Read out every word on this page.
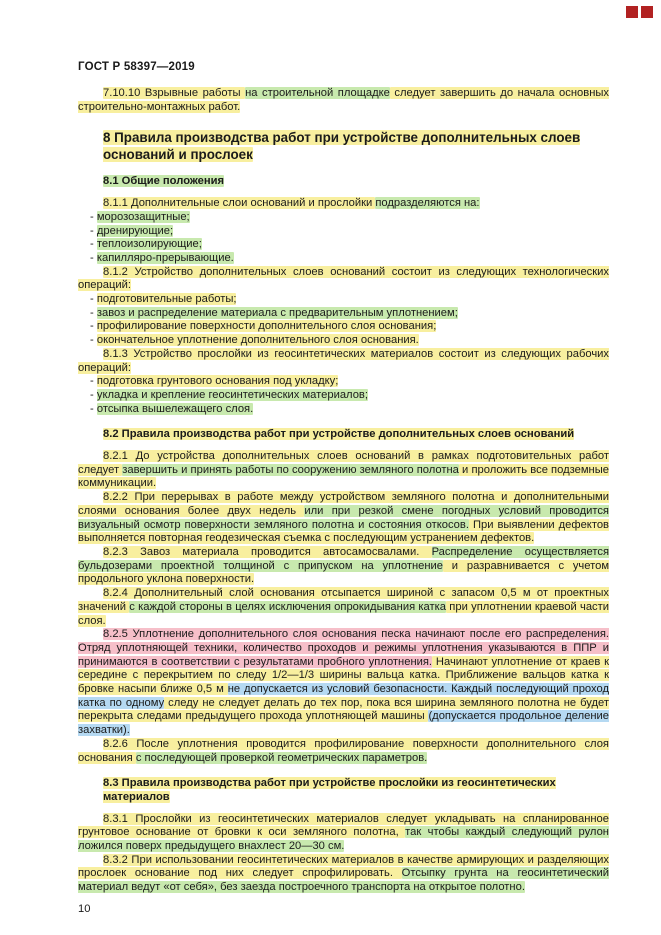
ГОСТ Р 58397—2019
7.10.10 Взрывные работы на строительной площадке следует завершить до начала основных строительно-монтажных работ.
8 Правила производства работ при устройстве дополнительных слоев оснований и прослоек
8.1 Общие положения
8.1.1 Дополнительные слои оснований и прослойки подразделяются на:
- морозозащитные;
- дренирующие;
- теплоизолирующие;
- капилляро-прерывающие.
8.1.2 Устройство дополнительных слоев оснований состоит из следующих технологических операций:
- подготовительные работы;
- завоз и распределение материала с предварительным уплотнением;
- профилирование поверхности дополнительного слоя основания;
- окончательное уплотнение дополнительного слоя основания.
8.1.3 Устройство прослойки из геосинтетических материалов состоит из следующих рабочих операций:
- подготовка грунтового основания под укладку;
- укладка и крепление геосинтетических материалов;
- отсыпка вышележащего слоя.
8.2 Правила производства работ при устройстве дополнительных слоев оснований
8.2.1 До устройства дополнительных слоев оснований в рамках подготовительных работ следует завершить и принять работы по сооружению земляного полотна и проложить все подземные коммуникации.
8.2.2 При перерывах в работе между устройством земляного полотна и дополнительными слоями основания более двух недель или при резкой смене погодных условий проводится визуальный осмотр поверхности земляного полотна и состояния откосов. При выявлении дефектов выполняется повторная геодезическая съемка с последующим устранением дефектов.
8.2.3 Завоз материала проводится автосамосвалами. Распределение осуществляется бульдозерами проектной толщиной с припуском на уплотнение и разравнивается с учетом продольного уклона поверхности.
8.2.4 Дополнительный слой основания отсыпается шириной с запасом 0,5 м от проектных значений с каждой стороны в целях исключения опрокидывания катка при уплотнении краевой части слоя.
8.2.5 Уплотнение дополнительного слоя основания песка начинают после его распределения. Отряд уплотняющей техники, количество проходов и режимы уплотнения указываются в ППР и принимаются в соответствии с результатами пробного уплотнения. Начинают уплотнение от краев к середине с перекрытием по следу 1/2—1/3 ширины вальца катка. Приближение вальцов катка к бровке насыпи ближе 0,5 м не допускается из условий безопасности. Каждый последующий проход катка по одному следу не следует делать до тех пор, пока вся ширина земляного полотна не будет перекрыта следами предыдущего прохода уплотняющей машины (допускается продольное деление захватки).
8.2.6 После уплотнения проводится профилирование поверхности дополнительного слоя основания с последующей проверкой геометрических параметров.
8.3 Правила производства работ при устройстве прослойки из геосинтетических материалов
8.3.1 Прослойки из геосинтетических материалов следует укладывать на спланированное грунтовое основание от бровки к оси земляного полотна, так чтобы каждый следующий рулон ложился поверх предыдущего внахлест 20—30 см.
8.3.2 При использовании геосинтетических материалов в качестве армирующих и разделяющих прослоек основание под них следует спрофилировать. Отсыпку грунта на геосинтетический материал ведут «от себя», без заезда построечного транспорта на открытое полотно.
10
